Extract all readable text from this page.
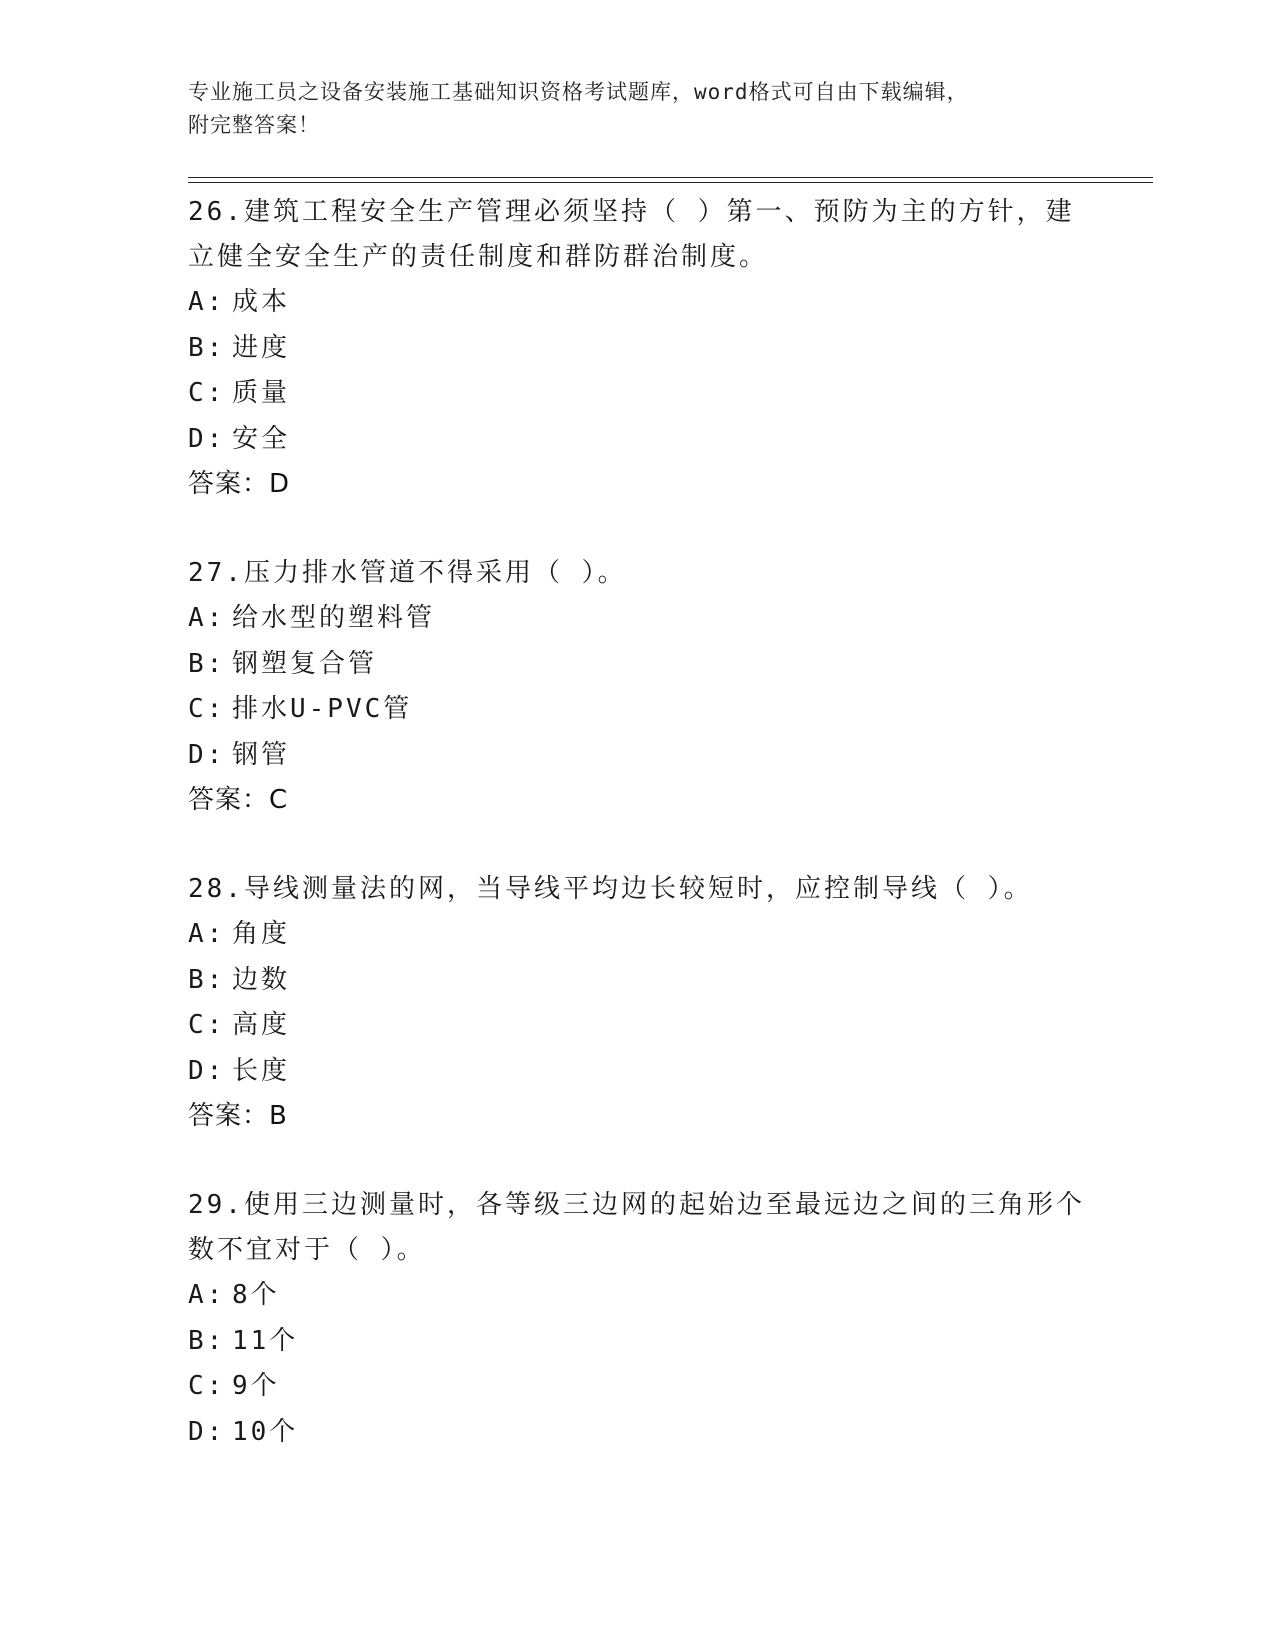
专业施工员之设备安装施工基础知识资格考试题库，word格式可自由下载编辑，
附完整答案！
26.建筑工程安全生产管理必须坚持（ ）第一、预防为主的方针，建立健全安全生产的责任制度和群防群治制度。
A: 成本
B: 进度
C: 质量
D: 安全
答案：D
27.压力排水管道不得采用（ ）。
A: 给水型的塑料管
B: 钢塑复合管
C: 排水U-PVC管
D: 钢管
答案：C
28.导线测量法的网，当导线平均边长较短时，应控制导线（ ）。
A: 角度
B: 边数
C: 高度
D: 长度
答案：B
29.使用三边测量时，各等级三边网的起始边至最远边之间的三角形个数不宜对于（ ）。
A: 8个
B: 11个
C: 9个
D: 10个
